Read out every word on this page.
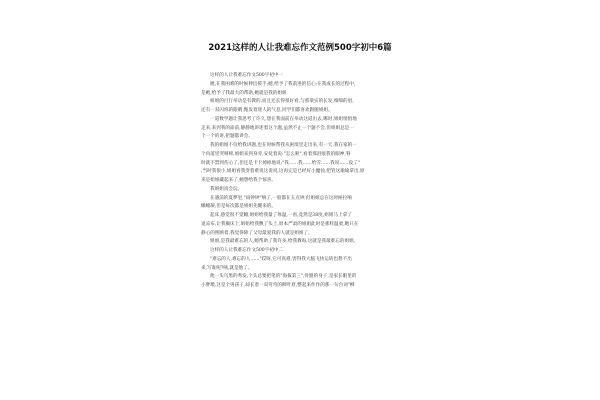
2021这样的人让我难忘作文范例500字初中6篇
这样的人让我难忘作文500字初中一
她,在我困难的时候伸出援手;她,给予了我前进的信心;在我成长的过程中,
是她,给予了我最大的帮助,她就是我的姐姐
姐姐的百行举动是有教的,而且还长得很好看,与那梁实的长发,细细的眉,
还有一双闪烁的眼睛,甄发着迷人的气息,同学们都喜欢跟随姐姐。
一道数学题让我思考了许久,想在我面前在举动这道出去,哪时,姐姐悄悄地
走来,来到我的面前,静静地讲述着这个题,虽然不止一个题不会,但姐姐总是一
个一个的讲,把题都讲会。
我的姐姐不仅给我讲题,也在时候帮我从困境里走出来,有一天,我在家的一
个角落里哭哑啼,姐姐来到身旁,安抚着说:"怎么啦",看着那泪痕我的眼神,脊
时就不禁到伤心了,但还是卡卡掉掉地说:"我……我……给雪……我说……没了"
,当时我很小,姐姐看我变着难说这说说,这再完是已经好小魔仙,把管这瑜瑜拿出,原
来是姐姐藏起来了,她想给我个惊喜。
我姐姐真会玩。
在遇前的夏夢里,"雨钟钟"响了,一股都在五点钟,但姐姐总在这时候拉响
懒睡凝,但是每次都是姐姐先醒来的。
起床,感觉很不觉睡,姐姐给我量了体温,一看,竟然是38度,姐姐马上拿了
退凉布,让我躺床上,姐姐给我敷了头上,原本严肃的姐姐此时是那样温柔,她只在
静心的照顾着,我觉得除了父母最爱我的人就是姐姐了。
姐姐,是我最难忘的人,她帮助了我许多,给我教诲,这就是我最难忘的姐姐。
这样的人让我难忘作文500字初中二
"难忘的人,难忘的人……"哎呀,它可真难,害得我大脑飞快运转也想不出
来,写谁呢?咦,就是他了。
他一头乌黑的秀发,个头总要把笔的"海拔第三",骨骼的身子,是家长眼里的
小胖墩,这是个男孩子,却长着一双弯弯的柳叶眉,整起来作作的那一句台词"柳
